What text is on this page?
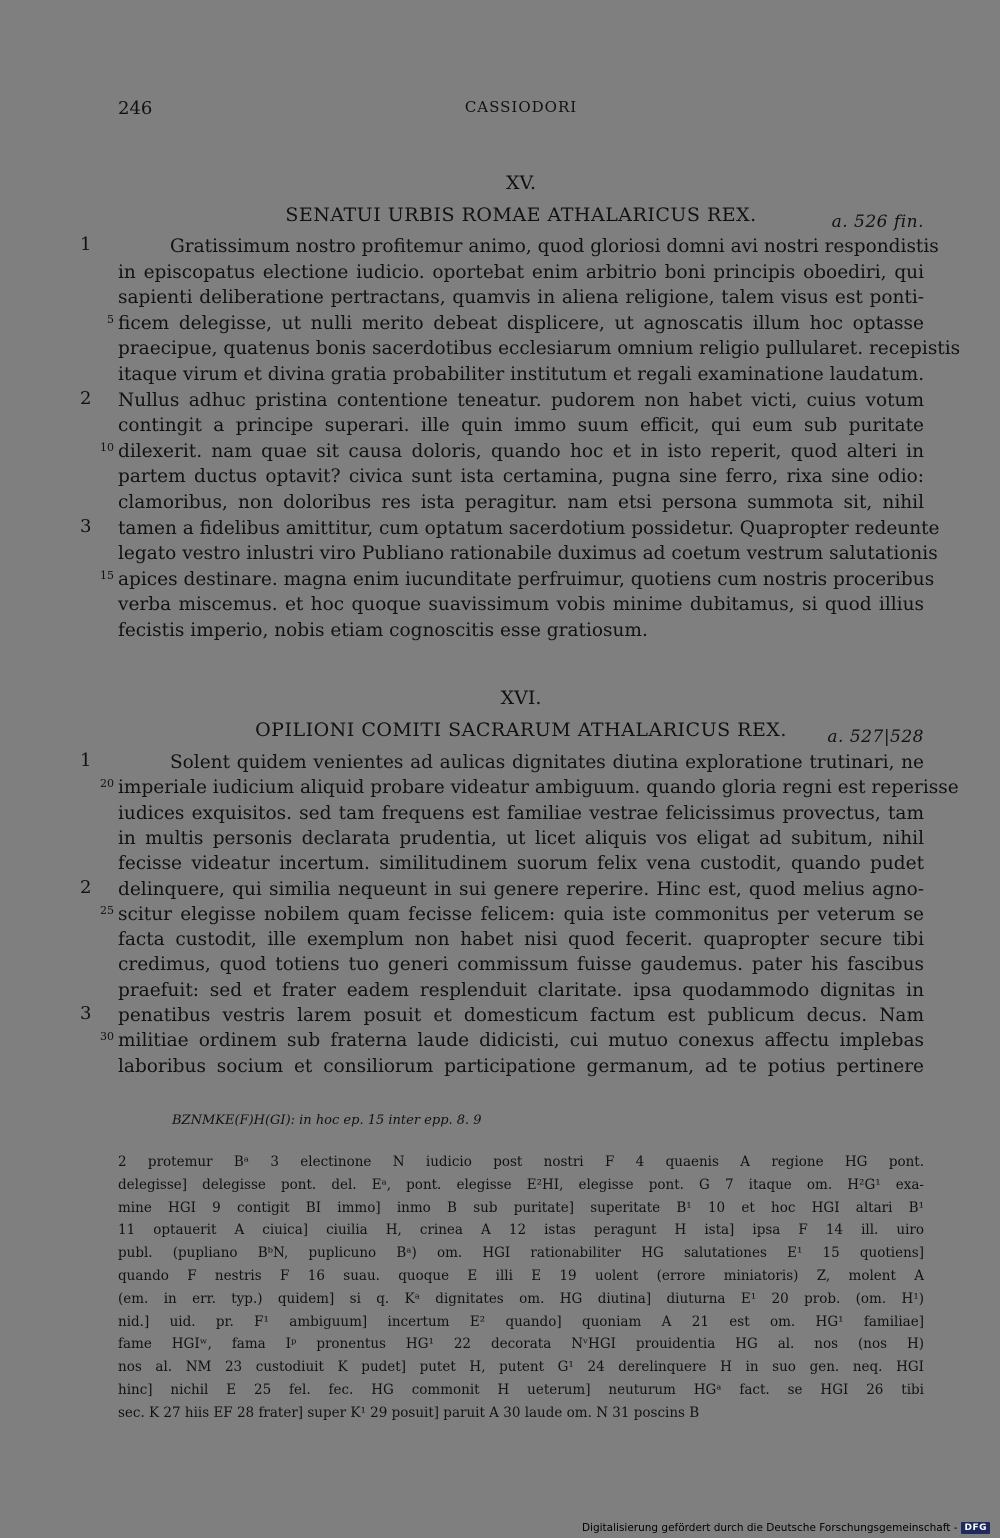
246	CASSIODORI
XV.
SENATUI URBIS ROMAE ATHALARICUS REX.	a. 526 fin.
Gratissimum nostro profitemur animo, quod gloriosi domni avi nostri respondistis
in episcopatus electione iudicio. oportebat enim arbitrio boni principis oboediri, qui
sapienti deliberatione pertractans, quamvis in aliena religione, talem visus est ponti-
ficem delegisse, ut nulli merito debeat displicere, ut agnoscatis illum hoc optasse
praecipue, quatenus bonis sacerdotibus ecclesiarum omnium religio pullularet. recepistis
itaque virum et divina gratia probabiliter institutum et regali examinatione laudatum.
Nullus adhuc pristina contentione teneatur. pudorem non habet victi, cuius votum
contingit a principe superari. ille quin immo suum efficit, qui eum sub puritate
dilexerit. nam quae sit causa doloris, quando hoc et in isto reperit, quod alteri in
partem ductus optavit? civica sunt ista certamina, pugna sine ferro, rixa sine odio:
clamoribus, non doloribus res ista peragitur. nam etsi persona summota sit, nihil
tamen a fidelibus amittitur, cum optatum sacerdotium possidetur. Quapropter redeunte
legato vestro inlustri viro Publiano rationabile duximus ad coetum vestrum salutationis
apices destinare. magna enim iucunditate perfruimur, quotiens cum nostris proceribus
verba miscemus. et hoc quoque suavissimum vobis minime dubitamus, si quod illius
fecistis imperio, nobis etiam cognoscitis esse gratiosum.
1
2
3
5
10
15
XVI.
OPILIONI COMITI SACRARUM ATHALARICUS REX. a. 527|528
Solent quidem venientes ad aulicas dignitates diutina exploratione trutinari, ne
imperiale iudicium aliquid probare videatur ambiguum. quando gloria regni est reperisse
iudices exquisitos. sed tam frequens est familiae vestrae felicissimus provectus, tam
in multis personis declarata prudentia, ut licet aliquis vos eligat ad subitum, nihil
fecisse videatur incertum. similitudinem suorum felix vena custodit, quando pudet
delinquere, qui similia nequeunt in sui genere reperire. Hinc est, quod melius agno-
scitur elegisse nobilem quam fecisse felicem: quia iste commonitus per veterum se
facta custodit, ille exemplum non habet nisi quod fecerit. quapropter secure tibi
credimus, quod totiens tuo generi commissum fuisse gaudemus. pater his fascibus
praefuit: sed et frater eadem resplenduit claritate. ipsa quodammodo dignitas in
penatibus vestris larem posuit et domesticum factum est publicum decus. Nam
militiae ordinem sub fraterna laude didicisti, cui mutuo conexus affectu implebas
laboribus socium et consiliorum participatione germanum, ad te potius pertinere
1
2
3
20
25
30
BZNMKE(F)H(GI): in hoc ep. 15 inter epp. 8. 9
2 protemur Bᵃ 3 electinone N iudicio post nostri F 4 quaenis A regione HG pont.
delegisse] delegisse pont. del. Eᵃ, pont. elegisse E²HI, elegisse pont. G 7 itaque om. H²G¹ exa-
mine HGI 9 contigit BI immo] inmo B sub puritate] superitate B¹ 10 et hoc HGI altari B¹
11 optauerit A ciuica] ciuilia H, crinea A 12 istas peragunt H ista] ipsa F 14 ill. uiro
publ. (pupliano BᵇN, puplicuno Bᵃ) om. HGI rationabiliter HG salutationes E¹ 15 quotiens]
quando F nestris F 16 suau. quoque E illi E 19 uolent (errore miniatoris) Z, molent A
(em. in err. typ.) quidem] si q. Kᵃ dignitates om. HG diutina] diuturna E¹ 20 prob. (om. H¹)
nid.] uid. pr. F¹ ambiguum] incertum E² quando] quoniam A 21 est om. HG¹ familiae]
fame HGIʷ, fama Iᵖ pronentus HG¹ 22 decorata NᵛHGI prouidentia HG al. nos (nos H)
nos al. NM 23 custodiuit K pudet] putet H, putent G¹ 24 derelinquere H in suo gen. neq. HGI
hinc] nichil E 25 fel. fec. HG commonit H ueterum] neuturum HGᵃ fact. se HGI 26 tibi
sec. K 27 hiis EF 28 frater] super K¹ 29 posuit] paruit A 30 laude om. N 31 poscins B
Digitalisierung gefördert durch die Deutsche Forschungsgemeinschaft - DFG
